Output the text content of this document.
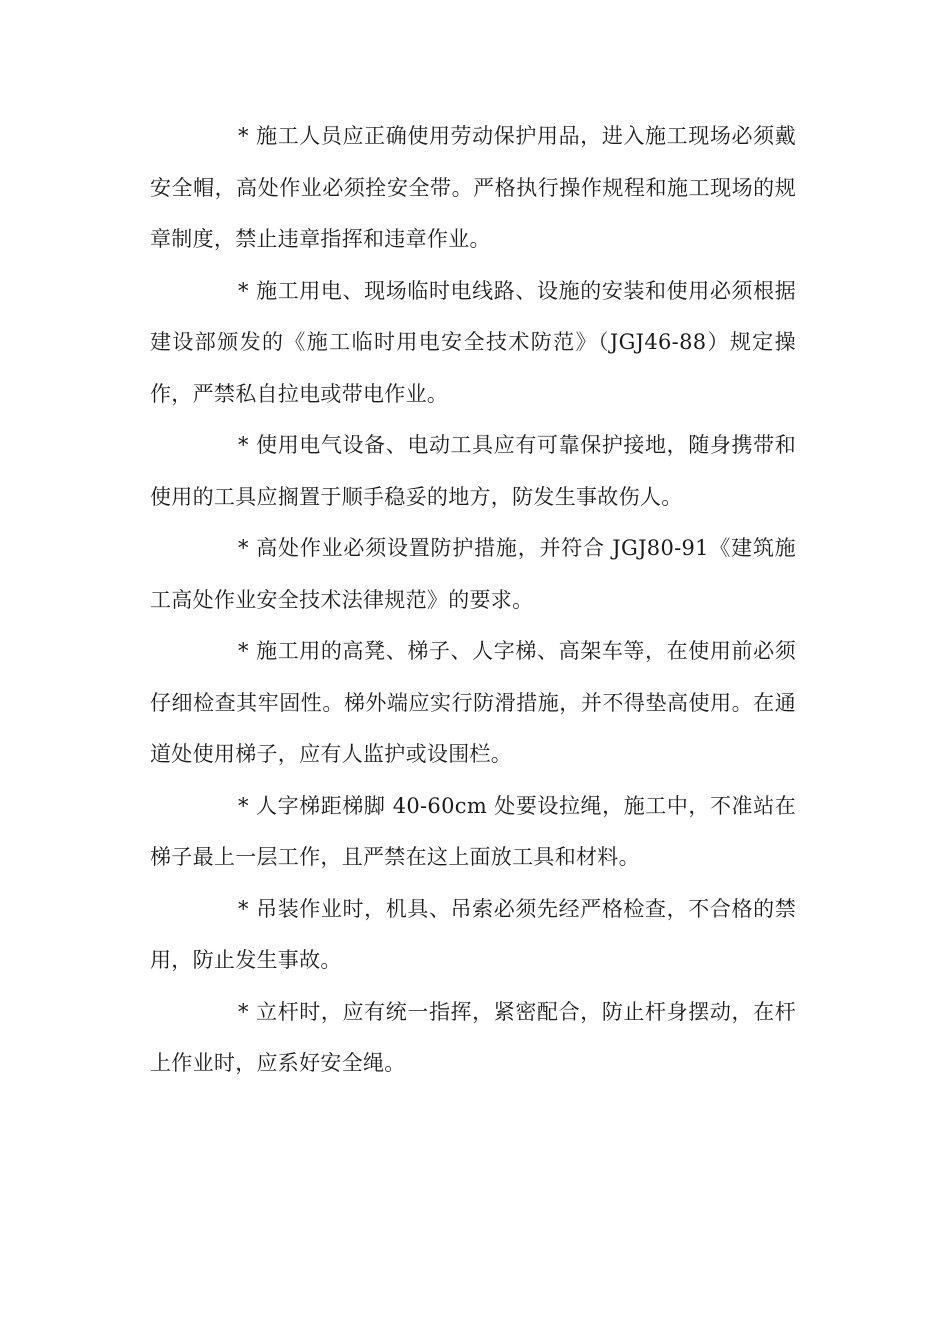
* 施工人员应正确使用劳动保护用品，进入施工现场必须戴安全帽，高处作业必须拴安全带。严格执行操作规程和施工现场的规章制度，禁止违章指挥和违章作业。

* 施工用电、现场临时电线路、设施的安装和使用必须根据建设部颁发的《施工临时用电安全技术防范》（JGJ46-88）规定操作，严禁私自拉电或带电作业。

* 使用电气设备、电动工具应有可靠保护接地，随身携带和使用的工具应搁置于顺手稳妥的地方，防发生事故伤人。

* 高处作业必须设置防护措施，并符合 JGJ80-91《建筑施工高处作业安全技术法律规范》的要求。

* 施工用的高凳、梯子、人字梯、高架车等，在使用前必须仔细检查其牢固性。梯外端应实行防滑措施，并不得垫高使用。在通道处使用梯子，应有人监护或设围栏。

* 人字梯距梯脚 40-60cm 处要设拉绳，施工中，不准站在梯子最上一层工作，且严禁在这上面放工具和材料。

* 吊装作业时，机具、吊索必须先经严格检查，不合格的禁用，防止发生事故。

* 立杆时，应有统一指挥，紧密配合，防止杆身摆动，在杆上作业时，应系好安全绳。
